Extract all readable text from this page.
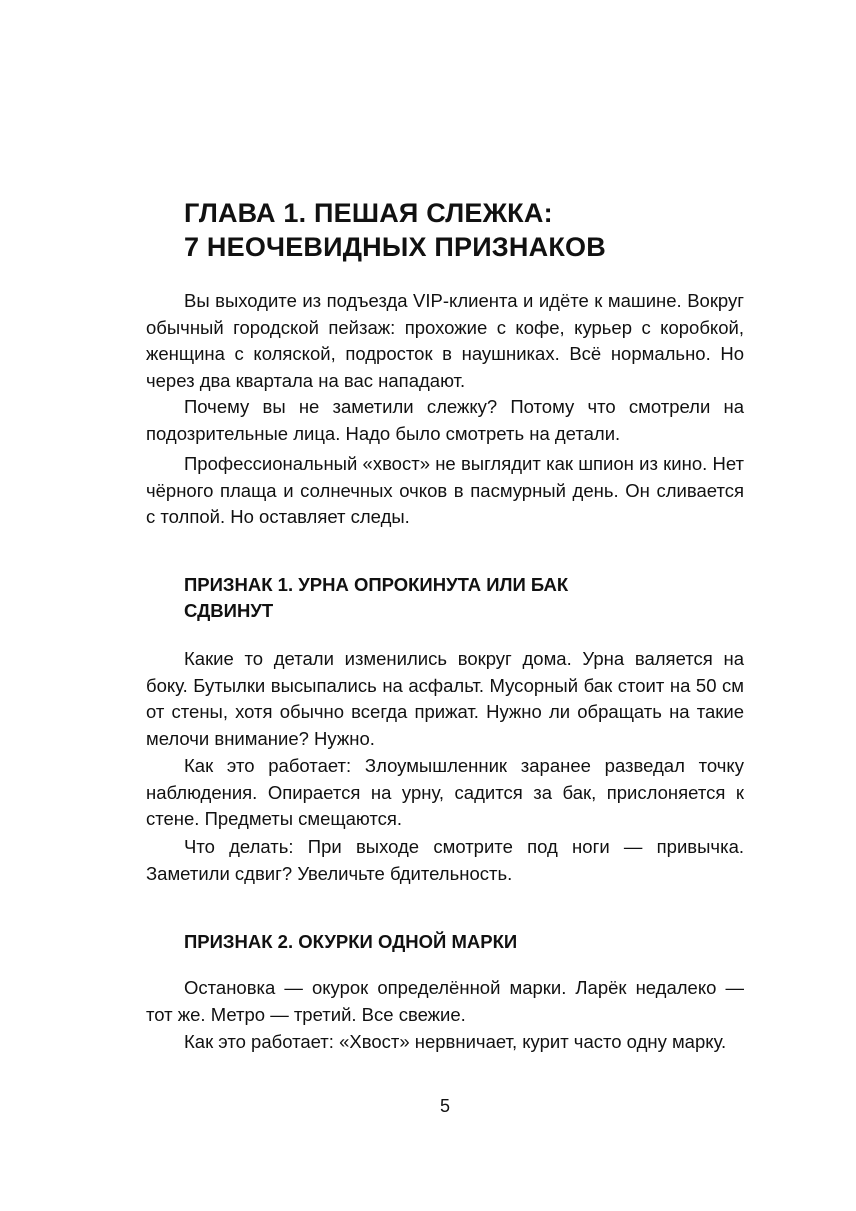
ГЛАВА 1. ПЕШАЯ СЛЕЖКА:
7 НЕОЧЕВИДНЫХ ПРИЗНАКОВ

Вы выходите из подъезда VIP-клиента и идёте к машине. Вокруг обычный городской пейзаж: прохожие с кофе, курьер с коробкой, женщина с коляской, подросток в наушниках. Всё нормально. Но через два квартала на вас нападают.

Почему вы не заметили слежку? Потому что смотрели на подозрительные лица. Надо было смотреть на детали.

Профессиональный «хвост» не выглядит как шпион из кино. Нет чёрного плаща и солнечных очков в пасмурный день. Он сливается с толпой. Но оставляет следы.

ПРИЗНАК 1. УРНА ОПРОКИНУТА ИЛИ БАК
СДВИНУТ

Какие то детали изменились вокруг дома. Урна валяется на боку. Бутылки высыпались на асфальт. Мусорный бак стоит на 50 см от стены, хотя обычно всегда прижат. Нужно ли обращать на такие мелочи внимание? Нужно.

Как это работает: Злоумышленник заранее разведал точку наблюдения. Опирается на урну, садится за бак, прислоняется к стене. Предметы смещаются.

Что делать: При выходе смотрите под ноги — привычка. Заметили сдвиг? Увеличьте бдительность.

ПРИЗНАК 2. ОКУРКИ ОДНОЙ МАРКИ

Остановка — окурок определённой марки. Ларёк недалеко — тот же. Метро — третий. Все свежие.

Как это работает: «Хвост» нервничает, курит часто одну марку.

5
